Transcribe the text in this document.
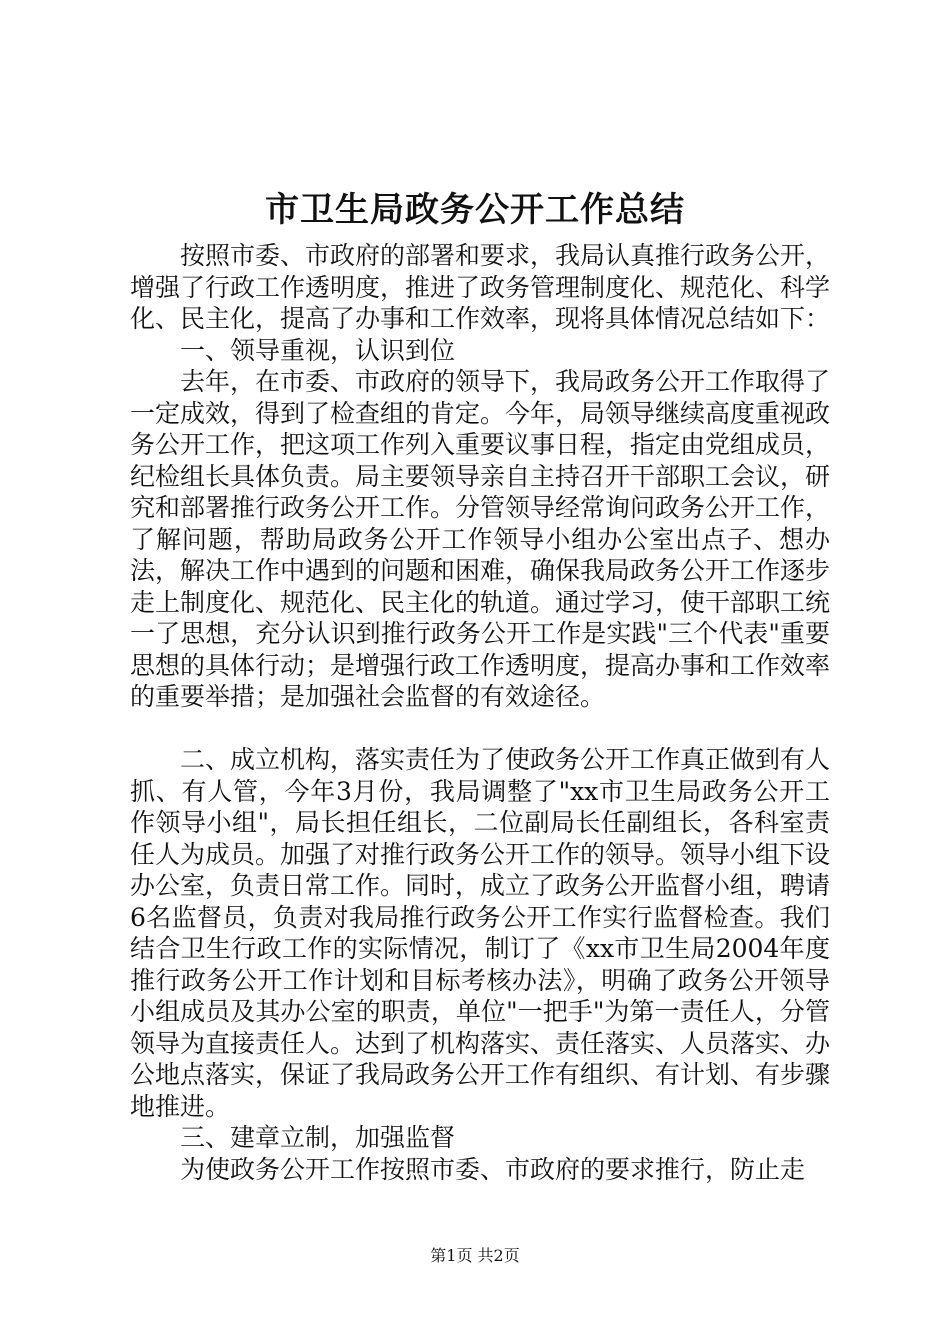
市卫生局政务公开工作总结

按照市委、市政府的部署和要求，我局认真推行政务公开，增强了行政工作透明度，推进了政务管理制度化、规范化、科学化、民主化，提高了办事和工作效率，现将具体情况总结如下：

一、领导重视，认识到位

去年，在市委、市政府的领导下，我局政务公开工作取得了一定成效，得到了检查组的肯定。今年，局领导继续高度重视政务公开工作，把这项工作列入重要议事日程，指定由党组成员，纪检组长具体负责。局主要领导亲自主持召开干部职工会议，研究和部署推行政务公开工作。分管领导经常询问政务公开工作，了解问题，帮助局政务公开工作领导小组办公室出点子、想办法，解决工作中遇到的问题和困难，确保我局政务公开工作逐步走上制度化、规范化、民主化的轨道。通过学习，使干部职工统一了思想，充分认识到推行政务公开工作是实践"三个代表"重要思想的具体行动；是增强行政工作透明度，提高办事和工作效率的重要举措；是加强社会监督的有效途径。

二、成立机构，落实责任为了使政务公开工作真正做到有人抓、有人管，今年3月份，我局调整了"xx市卫生局政务公开工作领导小组"，局长担任组长，二位副局长任副组长，各科室责任人为成员。加强了对推行政务公开工作的领导。领导小组下设办公室，负责日常工作。同时，成立了政务公开监督小组，聘请6名监督员，负责对我局推行政务公开工作实行监督检查。我们结合卫生行政工作的实际情况，制订了《xx市卫生局2004年度推行政务公开工作计划和目标考核办法》，明确了政务公开领导小组成员及其办公室的职责，单位"一把手"为第一责任人，分管领导为直接责任人。达到了机构落实、责任落实、人员落实、办公地点落实，保证了我局政务公开工作有组织、有计划、有步骤地推进。

三、建章立制，加强监督

为使政务公开工作按照市委、市政府的要求推行，防止走

第1页 共2页
